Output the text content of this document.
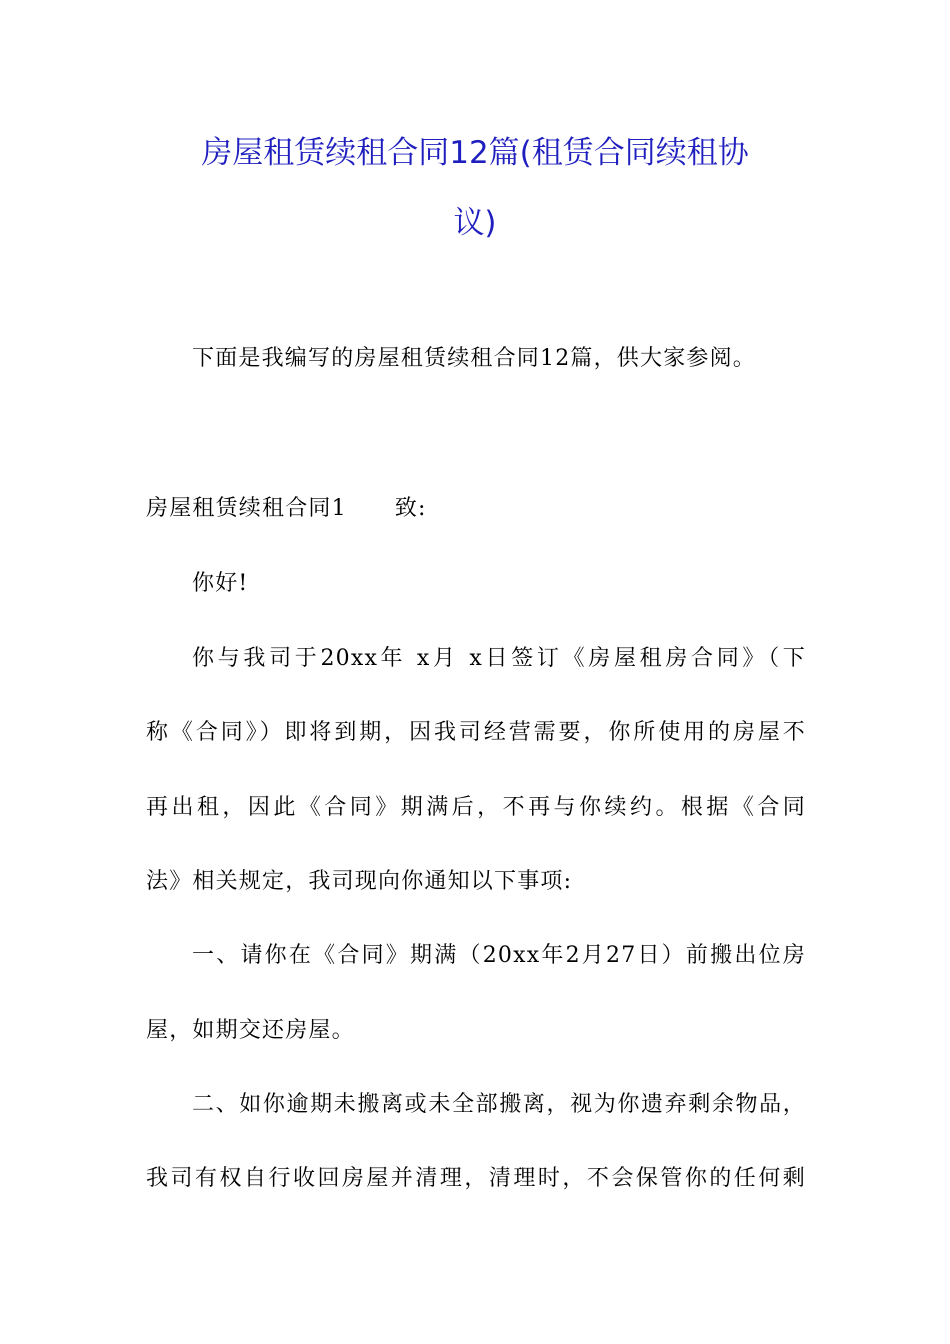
房屋租赁续租合同12篇(租赁合同续租协
议)

下面是我编写的房屋租赁续租合同12篇，供大家参阅。

房屋租赁续租合同1 致:

你好!

你与我司于20xx年 x月 x日签订《房屋租房合同》（下

称《合同》）即将到期，因我司经营需要，你所使用的房屋不

再出租，因此《合同》期满后，不再与你续约。根据《合同

法》相关规定，我司现向你通知以下事项:

一、请你在《合同》期满（20xx年2月27日）前搬出位房

屋，如期交还房屋。

二、如你逾期未搬离或未全部搬离，视为你遗弃剩余物品，

我司有权自行收回房屋并清理，清理时，不会保管你的任何剩
